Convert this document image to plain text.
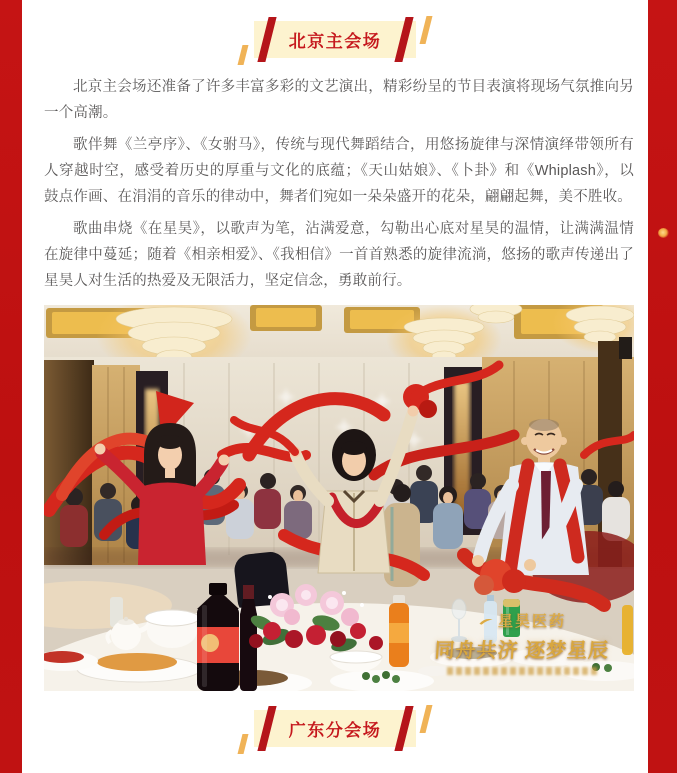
北京主会场

北京主会场还准备了许多丰富多彩的文艺演出，精彩纷呈的节目表演将现场气氛推向另一个高潮。

歌伴舞《兰亭序》、《女驸马》，传统与现代舞蹈结合，用悠扬旋律与深情演绎带领所有人穿越时空，感受着历史的厚重与文化的底蕴；《天山姑娘》、《卜卦》和《Whiplash》，以鼓点作画、在涓涓的音乐的律动中，舞者们宛如一朵朵盛开的花朵，翩翩起舞，美不胜收。

歌曲串烧《在星昊》，以歌声为笔，沾满爱意，勾勒出心底对星昊的温情，让满满温情在旋律中蔓延；随着《相亲相爱》、《我相信》一首首熟悉的旋律流淌，悠扬的歌声传递出了星昊人对生活的热爱及无限活力，坚定信念，勇敢前行。

星昊医药
同舟共济 逐梦星辰
广东分会场
